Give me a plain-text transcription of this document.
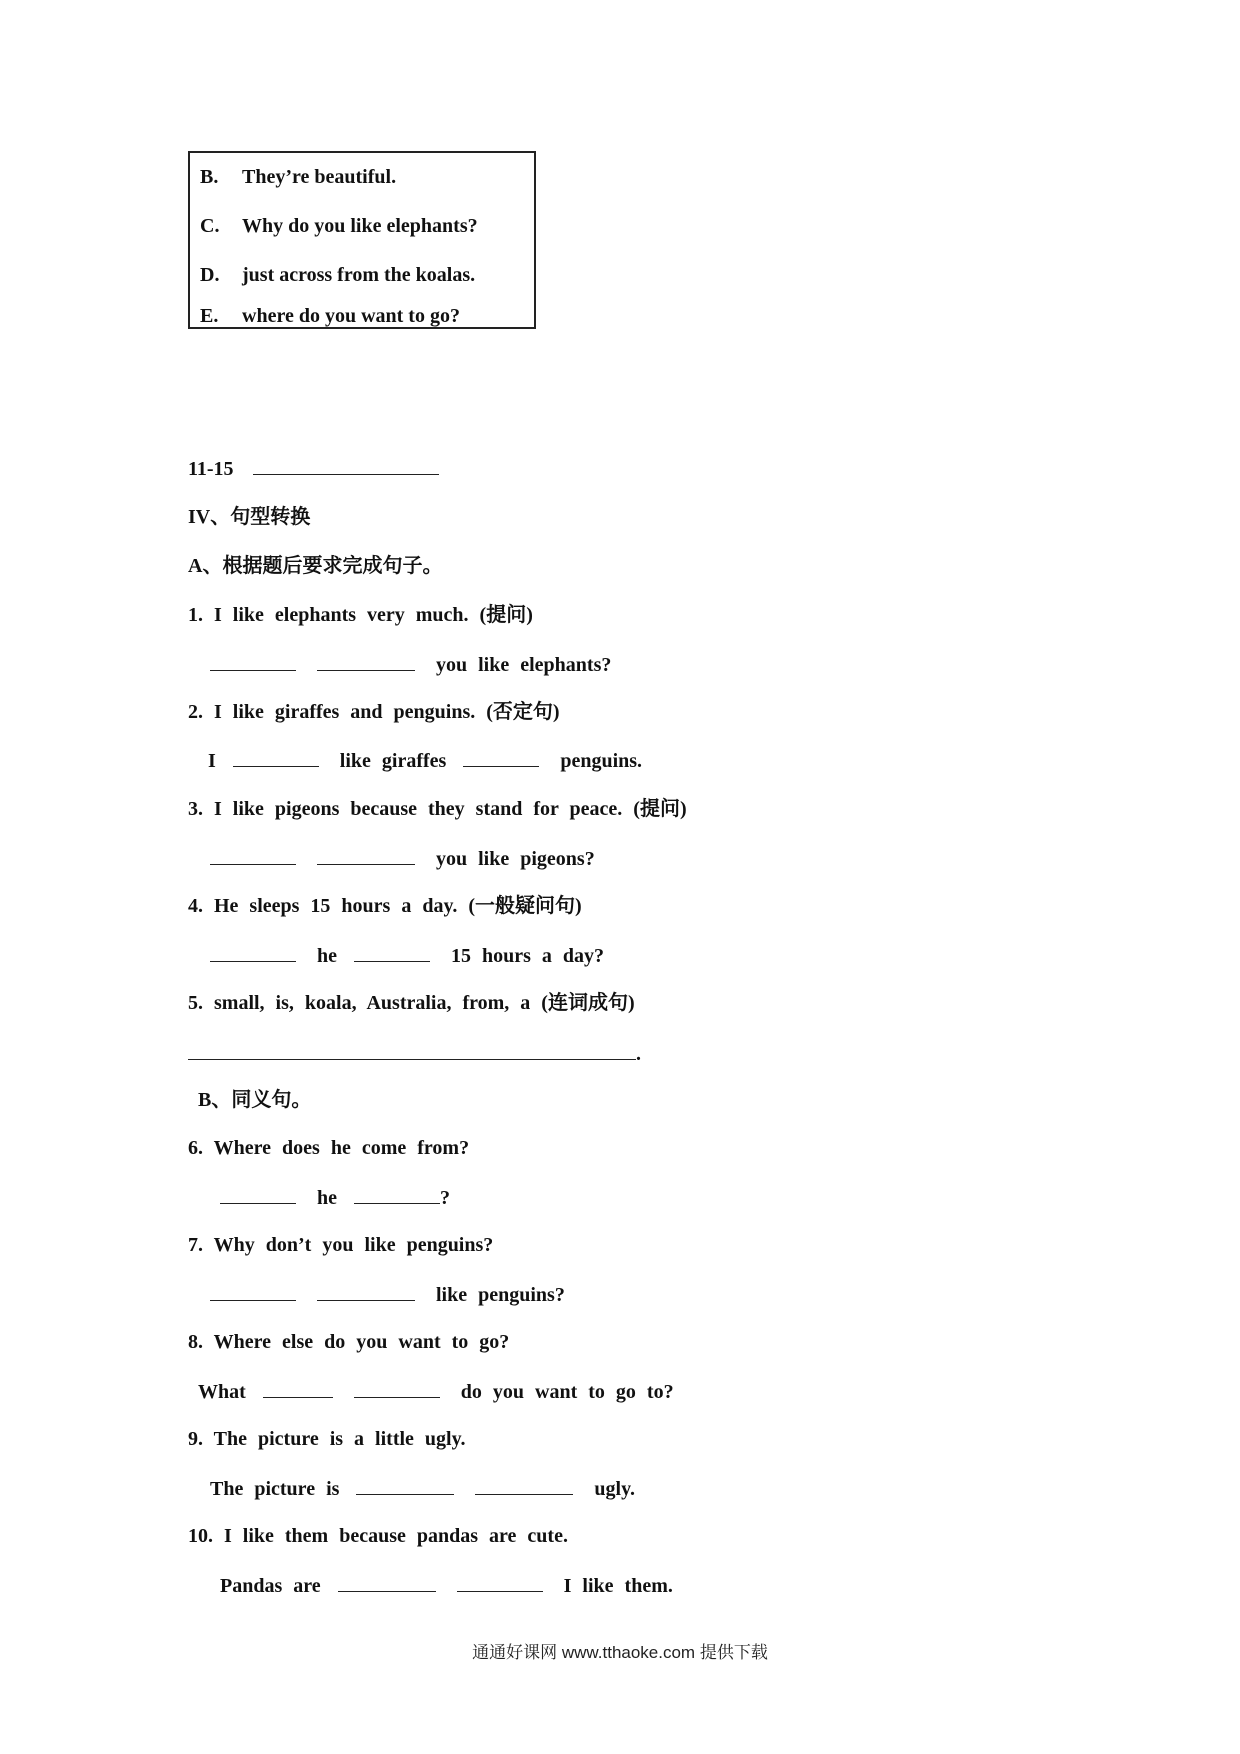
B. They’re beautiful.
C. Why do you like elephants?
D. just across from the koalas.
E. where do you want to go?
11-15
IV、句型转换
A、根据题后要求完成句子。
1. I like elephants very much. (提问)
you like elephants?
2. I like giraffes and penguins. (否定句)
I	like giraffes	penguins.
3. I like pigeons because they stand for peace. (提问)
you like pigeons?
4. He sleeps 15 hours a day. (一般疑问句)
he	15 hours a day?
5. small, is, koala, Australia, from, a (连词成句)
.
B、同义句。
6. Where does he come from?
he	?
7. Why don’t you like penguins?
like penguins?
8. Where else do you want to go?
What	do you want to go to?
9. The picture is a little ugly.
The picture is	ugly.
10. I like them because pandas are cute.
Pandas are	I like them.
通通好课网 www.tthaoke.com 提供下载
